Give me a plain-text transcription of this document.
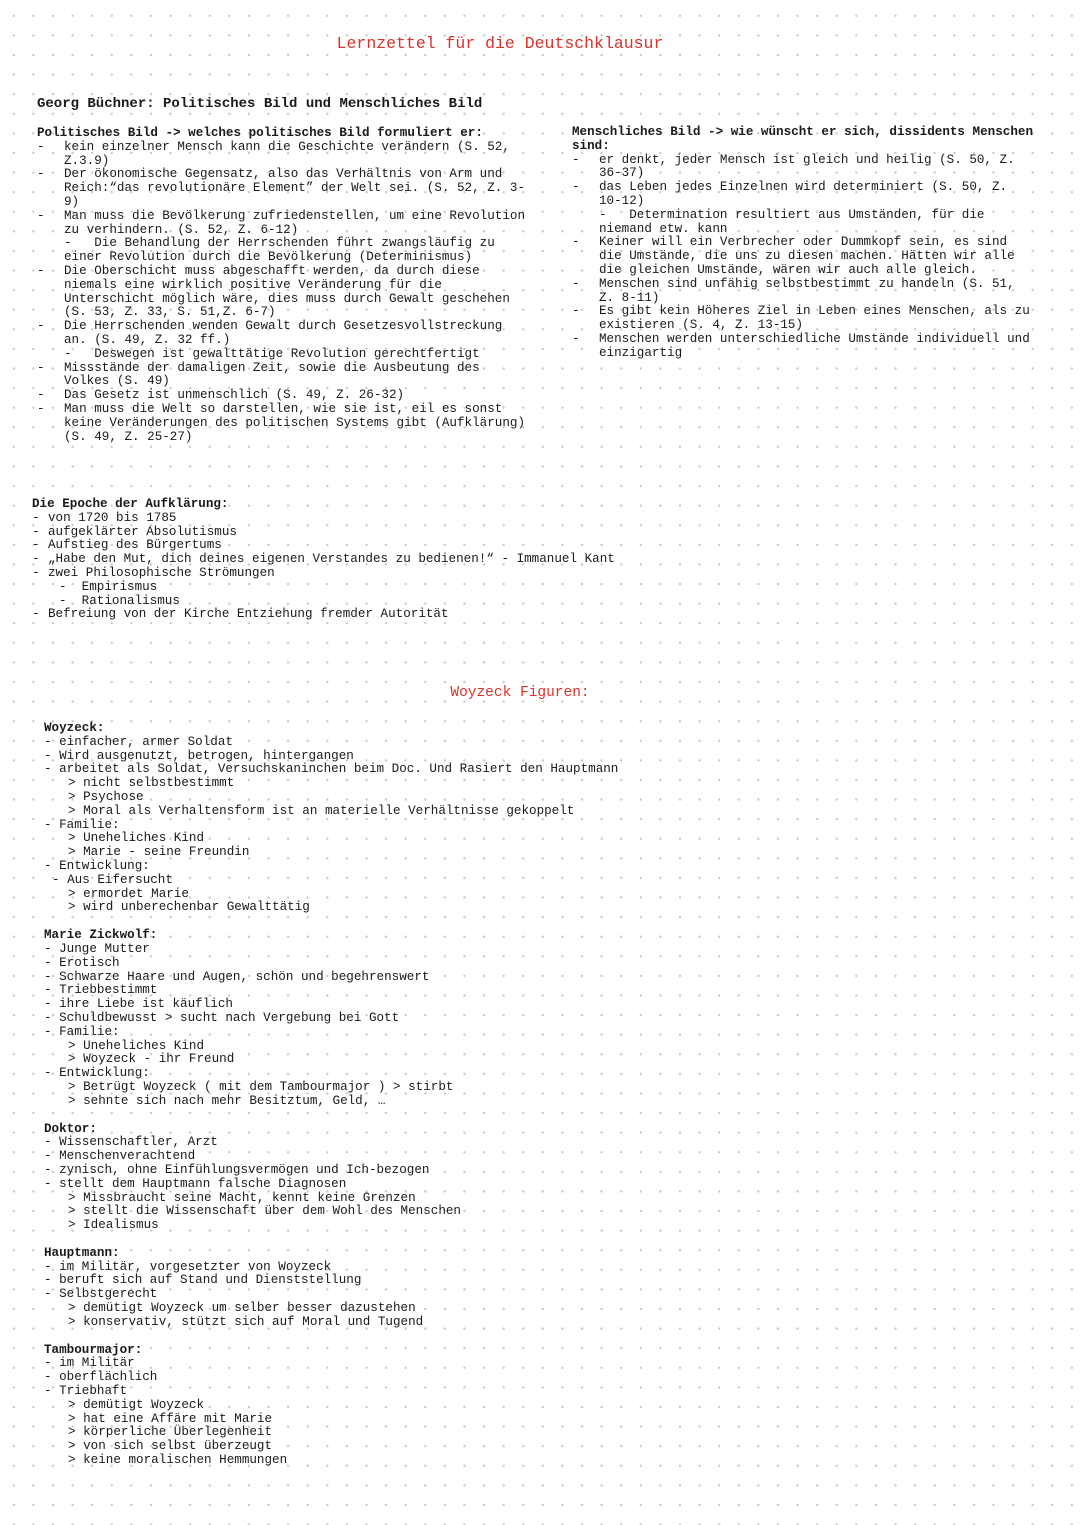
Lernzettel für die Deutschklausur
Georg Büchner: Politisches Bild und Menschliches Bild
Politisches Bild -> welches politisches Bild formuliert er:
- kein einzelner Mensch kann die Geschichte verändern (S. 52, Z.3.9)
- Der ökonomische Gegensatz, also das Verhältnis von Arm und Reich:“das revolutionäre Element” der Welt sei. (S. 52, Z. 3-9)
- Man muss die Bevölkerung zufriedenstellen, um eine Revolution zu verhindern. (S. 52, Z. 6-12)
-   Die Behandlung der Herrschenden führt zwangsläufig zu einer Revolution durch die Bevölkerung (Determinismus)
- Die Oberschicht muss abgeschafft werden, da durch diese niemals eine wirklich positive Veränderung für die Unterschicht möglich wäre, dies muss durch Gewalt geschehen (S. 53, Z. 33, S. 51,Z. 6-7)
- Die Herrschenden wenden Gewalt durch Gesetzesvollstreckung an. (S. 49, Z. 32 ff.)
-   Deswegen ist gewalttätige Revolution gerechtfertigt
- Missstände der damaligen Zeit, sowie die Ausbeutung des Volkes (S. 49)
- Das Gesetz ist unmenschlich (S. 49, Z. 26-32)
- Man muss die Welt so darstellen, wie sie ist, eil es sonst keine Veränderungen des politischen Systems gibt (Aufklärung) (S. 49, Z. 25-27)
Menschliches Bild -> wie wünscht er sich, dissidents Menschen sind:
- er denkt, jeder Mensch ist gleich und heilig (S. 50, Z. 36-37)
- das Leben jedes Einzelnen wird determiniert (S. 50, Z. 10-12)
-   Determination resultiert aus Umständen, für die niemand etw. kann
- Keiner will ein Verbrecher oder Dummkopf sein, es sind die Umstände, die uns zu diesen machen. Hätten wir alle die gleichen Umstände, wären wir auch alle gleich.
- Menschen sind unfähig selbstbestimmt zu handeln (S. 51, Z. 8-11)
- Es gibt kein Höheres Ziel in Leben eines Menschen, als zu existieren (S. 4, Z. 13-15)
- Menschen werden unterschiedliche Umstände individuell und einzigartig
Die Epoche der Aufklärung:
- von 1720 bis 1785
- aufgeklärter Absolutismus
- Aufstieg des Bürgertums
- „Habe den Mut, dich deines eigenen Verstandes zu bedienen!“ - Immanuel Kant
- zwei Philosophische Strömungen
-  Empirismus
-  Rationalismus
- Befreiung von der Kirche Entziehung fremder Autorität
Woyzeck Figuren:
Woyzeck:
- einfacher, armer Soldat
- Wird ausgenutzt, betrogen, hintergangen
- arbeitet als Soldat, Versuchskaninchen beim Doc. Und Rasiert den Hauptmann
> nicht selbstbestimmt
> Psychose
> Moral als Verhaltensform ist an materielle Verhältnisse gekoppelt
- Familie:
> Uneheliches Kind
> Marie - seine Freundin
- Entwicklung:
- Aus Eifersucht
> ermordet Marie
> wird unberechenbar Gewalttätig
Marie Zickwolf:
- Junge Mutter
- Erotisch
- Schwarze Haare und Augen, schön und begehrenswert
- Triebbestimmt
- ihre Liebe ist käuflich
- Schuldbewusst > sucht nach Vergebung bei Gott
- Familie:
> Uneheliches Kind
> Woyzeck - ihr Freund
- Entwicklung:
> Betrügt Woyzeck ( mit dem Tambourmajor ) > stirbt
> sehnte sich nach mehr Besitztum, Geld, …
Doktor:
- Wissenschaftler, Arzt
- Menschenverachtend
- zynisch, ohne Einfühlungsvermögen und Ich-bezogen
- stellt dem Hauptmann falsche Diagnosen
> Missbraucht seine Macht, kennt keine Grenzen
> stellt die Wissenschaft über dem Wohl des Menschen
> Idealismus
Hauptmann:
- im Militär, vorgesetzter von Woyzeck
- beruft sich auf Stand und Dienststellung
- Selbstgerecht
> demütigt Woyzeck um selber besser dazustehen
> konservativ, stützt sich auf Moral und Tugend
Tambourmajor:
- im Militär
- oberflächlich
- Triebhaft
> demütigt Woyzeck
> hat eine Affäre mit Marie
> körperliche Überlegenheit
> von sich selbst überzeugt
> keine moralischen Hemmungen
